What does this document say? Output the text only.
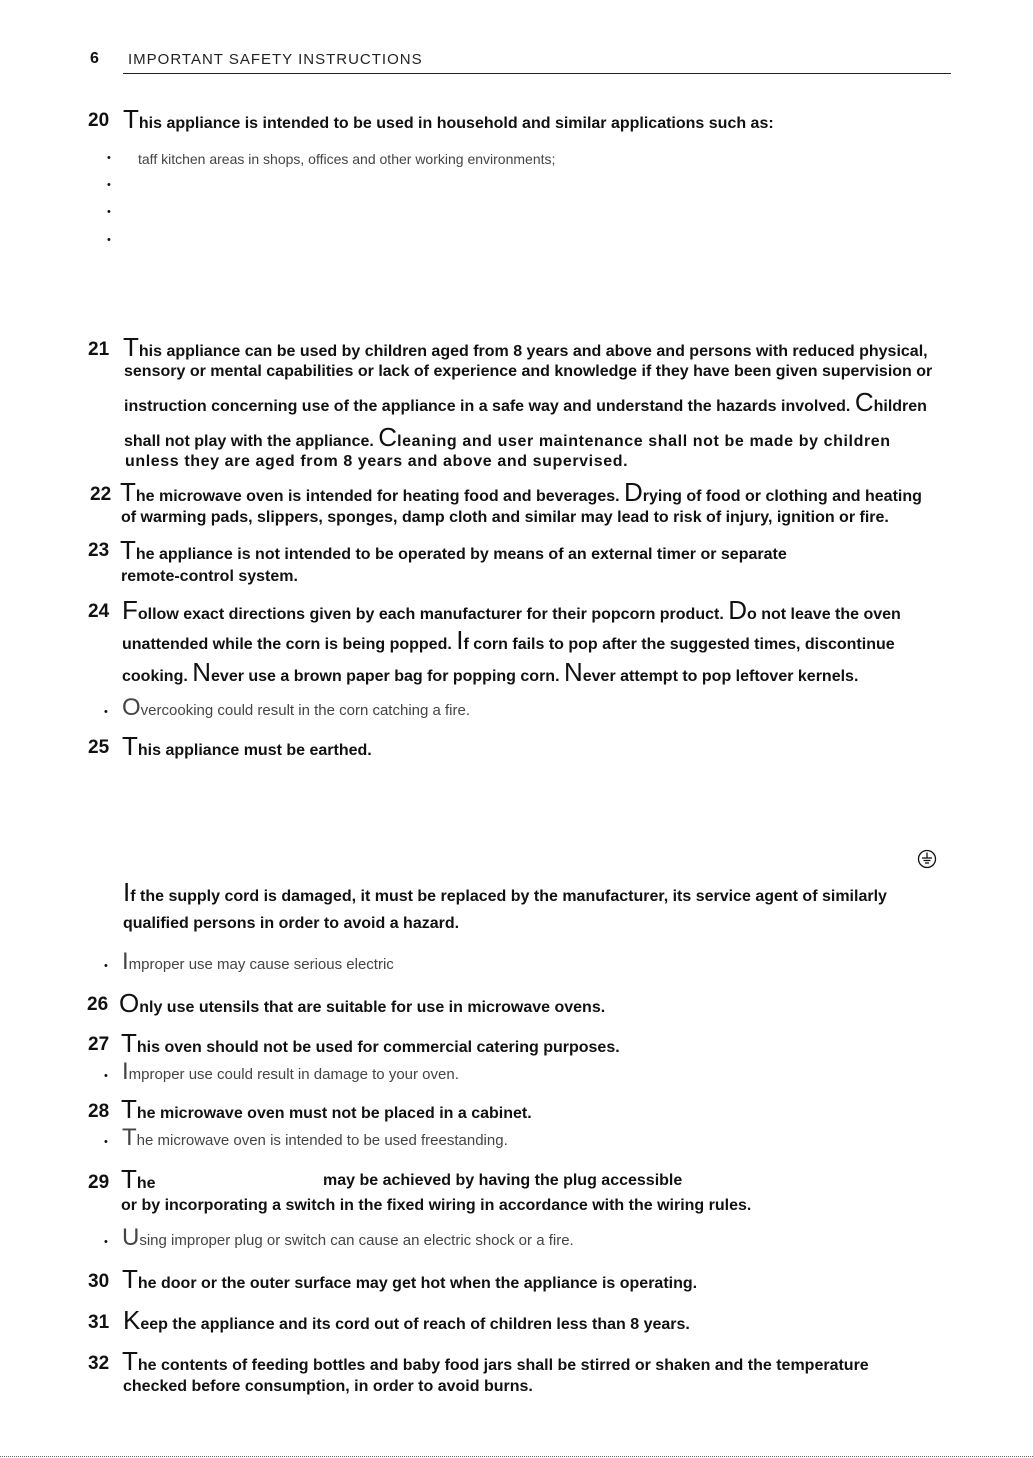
6 IMPORTANT SAFETY INSTRUCTIONS
20 This appliance is intended to be used in household and similar applications such as:
• taff kitchen areas in shops, offices and other working environments;
•
•
•
21 This appliance can be used by children aged from 8 years and above and persons with reduced physical,
sensory or mental capabilities or lack of experience and knowledge if they have been given supervision or
instruction concerning use of the appliance in a safe way and understand the hazards involved. Children
shall not play with the appliance. Cleaning and user maintenance shall not be made by children
unless they are aged from 8 years and above and supervised.
22 The microwave oven is intended for heating food and beverages. Drying of food or clothing and heating
of warming pads, slippers, sponges, damp cloth and similar may lead to risk of injury, ignition or fire.
23 The appliance is not intended to be operated by means of an external timer or separate
remote-control system.
24 Follow exact directions given by each manufacturer for their popcorn product. Do not leave the oven
unattended while the corn is being popped. If corn fails to pop after the suggested times, discontinue
cooking. Never use a brown paper bag for popping corn. Never attempt to pop leftover kernels.
• Overcooking could result in the corn catching a fire.
25 This appliance must be earthed.
If the supply cord is damaged, it must be replaced by the manufacturer, its service agent of similarly
qualified persons in order to avoid a hazard.
• Improper use may cause serious electric
26 Only use utensils that are suitable for use in microwave ovens.
27 This oven should not be used for commercial catering purposes.
• Improper use could result in damage to your oven.
28 The microwave oven must not be placed in a cabinet.
• The microwave oven is intended to be used freestanding.
29 The	may be achieved by having the plug accessible
or by incorporating a switch in the fixed wiring in accordance with the wiring rules.
• Using improper plug or switch can cause an electric shock or a fire.
30 The door or the outer surface may get hot when the appliance is operating.
31 Keep the appliance and its cord out of reach of children less than 8 years.
32 The contents of feeding bottles and baby food jars shall be stirred or shaken and the temperature
checked before consumption, in order to avoid burns.
